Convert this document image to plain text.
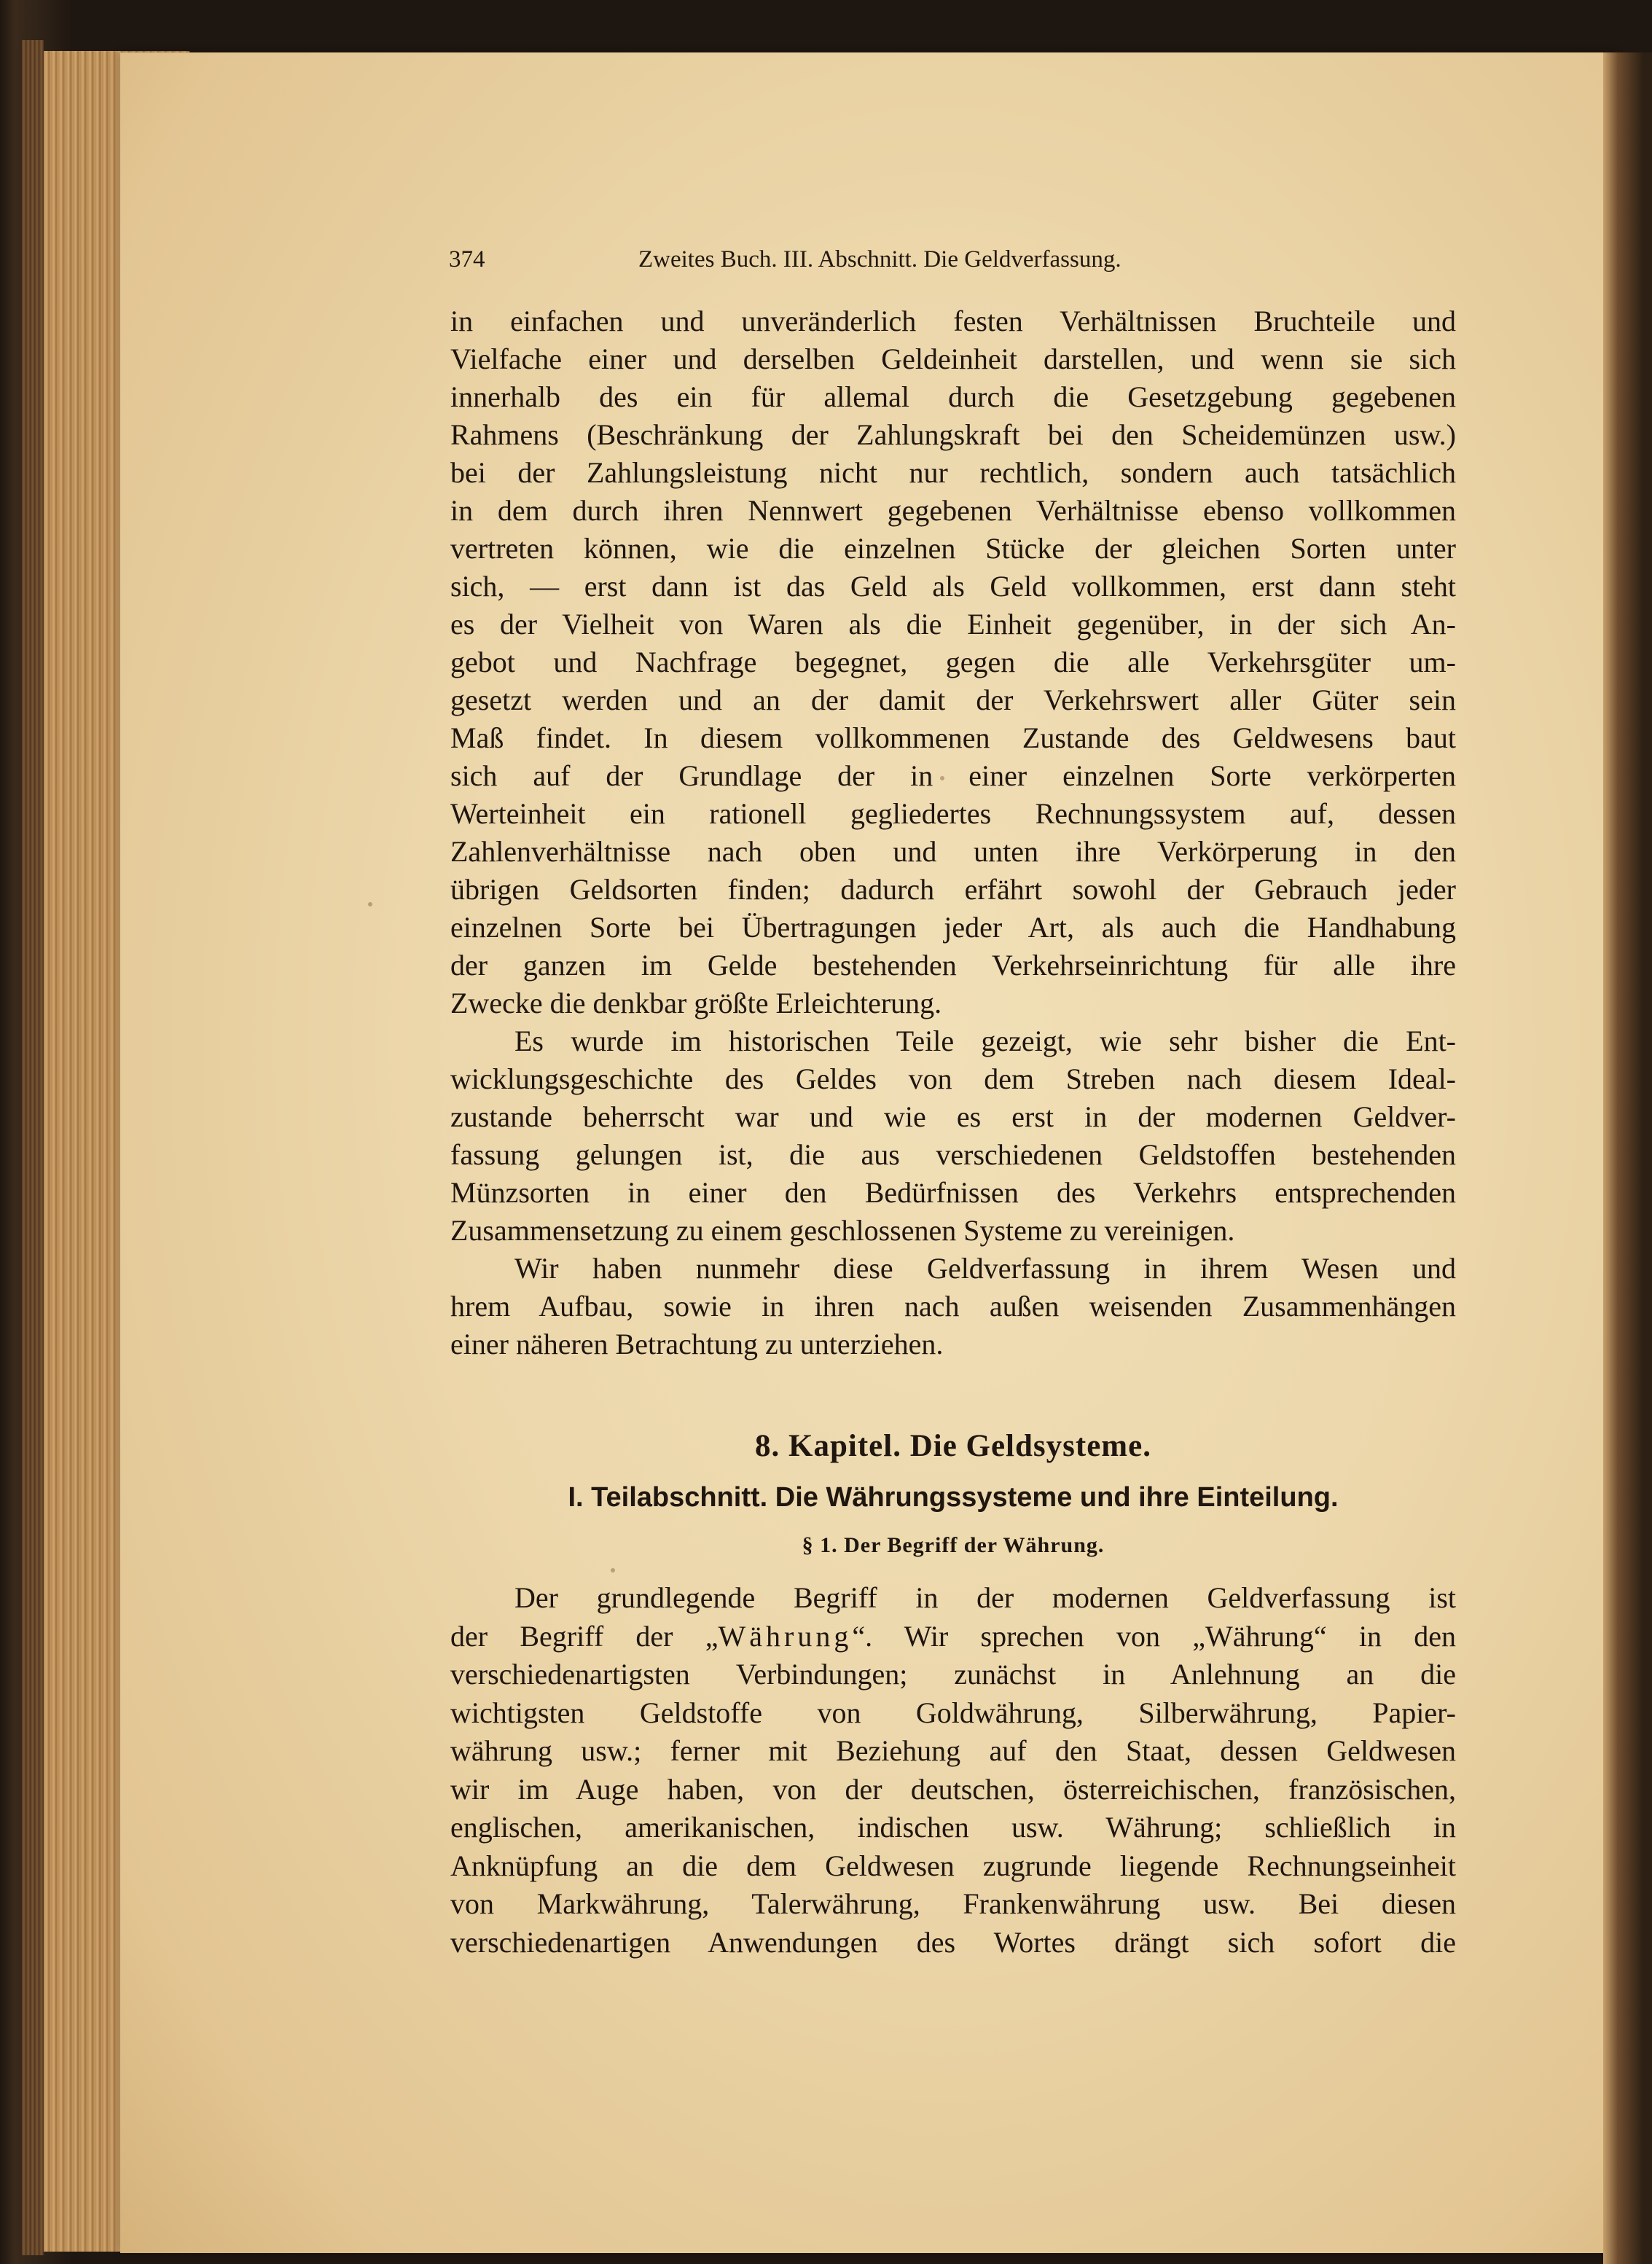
374	Zweites Buch. III. Abschnitt. Die Geldverfassung.
in einfachen und unveränderlich festen Verhältnissen Bruchteile und
Vielfache einer und derselben Geldeinheit darstellen, und wenn sie sich
innerhalb des ein für allemal durch die Gesetzgebung gegebenen
Rahmens (Beschränkung der Zahlungskraft bei den Scheidemünzen usw.)
bei der Zahlungsleistung nicht nur rechtlich, sondern auch tatsächlich
in dem durch ihren Nennwert gegebenen Verhältnisse ebenso vollkommen
vertreten können, wie die einzelnen Stücke der gleichen Sorten unter
sich, — erst dann ist das Geld als Geld vollkommen, erst dann steht
es der Vielheit von Waren als die Einheit gegenüber, in der sich An-
gebot und Nachfrage begegnet, gegen die alle Verkehrsgüter um-
gesetzt werden und an der damit der Verkehrswert aller Güter sein
Maß findet. In diesem vollkommenen Zustande des Geldwesens baut
sich auf der Grundlage der in einer einzelnen Sorte verkörperten
Werteinheit ein rationell gegliedertes Rechnungssystem auf, dessen
Zahlenverhältnisse nach oben und unten ihre Verkörperung in den
übrigen Geldsorten finden; dadurch erfährt sowohl der Gebrauch jeder
einzelnen Sorte bei Übertragungen jeder Art, als auch die Handhabung
der ganzen im Gelde bestehenden Verkehrseinrichtung für alle ihre
Zwecke die denkbar größte Erleichterung.
Es wurde im historischen Teile gezeigt, wie sehr bisher die Ent-
wicklungsgeschichte des Geldes von dem Streben nach diesem Ideal-
zustande beherrscht war und wie es erst in der modernen Geldver-
fassung gelungen ist, die aus verschiedenen Geldstoffen bestehenden
Münzsorten in einer den Bedürfnissen des Verkehrs entsprechenden
Zusammensetzung zu einem geschlossenen Systeme zu vereinigen.
Wir haben nunmehr diese Geldverfassung in ihrem Wesen und
hrem Aufbau, sowie in ihren nach außen weisenden Zusammenhängen
einer näheren Betrachtung zu unterziehen.
8. Kapitel. Die Geldsysteme.
I. Teilabschnitt. Die Währungssysteme und ihre Einteilung.
§ 1. Der Begriff der Währung.
Der grundlegende Begriff in der modernen Geldverfassung ist
der Begriff der „Währung“. Wir sprechen von „Währung“ in den
verschiedenartigsten Verbindungen; zunächst in Anlehnung an die
wichtigsten Geldstoffe von Goldwährung, Silberwährung, Papier-
währung usw.; ferner mit Beziehung auf den Staat, dessen Geldwesen
wir im Auge haben, von der deutschen, österreichischen, französischen,
englischen, amerikanischen, indischen usw. Währung; schließlich in
Anknüpfung an die dem Geldwesen zugrunde liegende Rechnungseinheit
von Markwährung, Talerwährung, Frankenwährung usw. Bei diesen
verschiedenartigen Anwendungen des Wortes drängt sich sofort die
